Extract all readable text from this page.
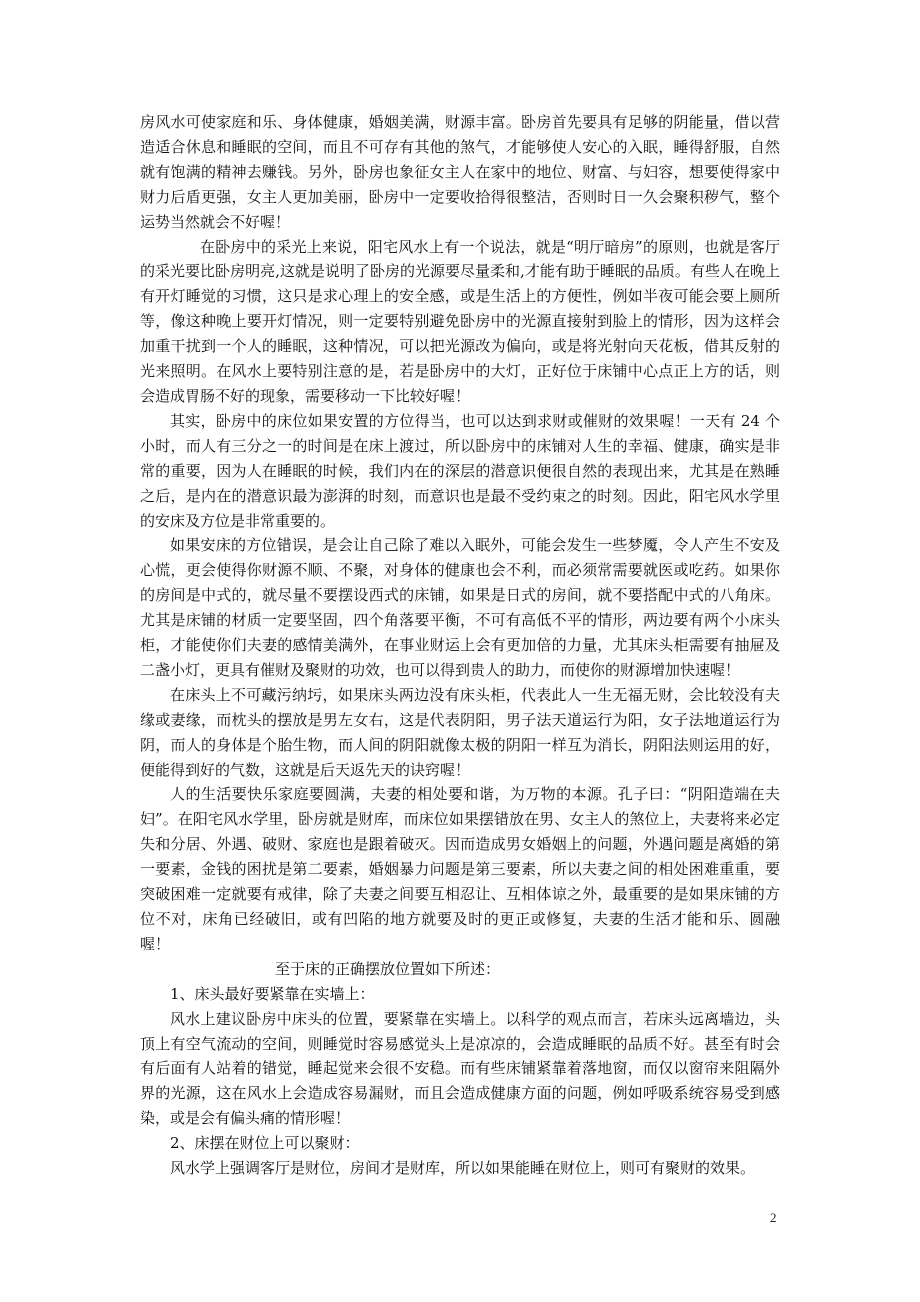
房风水可使家庭和乐、身体健康，婚姻美满，财源丰富。卧房首先要具有足够的阴能量，借以营造适合休息和睡眠的空间，而且不可存有其他的煞气，才能够使人安心的入眠，睡得舒服，自然就有饱满的精神去赚钱。另外，卧房也象征女主人在家中的地位、财富、与妇容，想要使得家中财力后盾更强，女主人更加美丽，卧房中一定要收拾得很整洁，否则时日一久会聚积秽气，整个运势当然就会不好喔！

在卧房中的采光上来说，阳宅风水上有一个说法，就是“明厅暗房”的原则，也就是客厅的采光要比卧房明亮,这就是说明了卧房的光源要尽量柔和,才能有助于睡眠的品质。有些人在晚上有开灯睡觉的习惯，这只是求心理上的安全感，或是生活上的方便性，例如半夜可能会要上厕所等，像这种晚上要开灯情况，则一定要特别避免卧房中的光源直接射到脸上的情形，因为这样会加重干扰到一个人的睡眠，这种情况，可以把光源改为偏向，或是将光射向天花板，借其反射的光来照明。在风水上要特别注意的是，若是卧房中的大灯，正好位于床铺中心点正上方的话，则会造成胃肠不好的现象，需要移动一下比较好喔！

其实，卧房中的床位如果安置的方位得当，也可以达到求财或催财的效果喔！一天有 24 个小时，而人有三分之一的时间是在床上渡过，所以卧房中的床铺对人生的幸福、健康，确实是非常的重要，因为人在睡眠的时候，我们内在的深层的潜意识便很自然的表现出来，尤其是在熟睡之后，是内在的潜意识最为澎湃的时刻，而意识也是最不受约束之的时刻。因此，阳宅风水学里的安床及方位是非常重要的。

如果安床的方位错误，是会让自己除了难以入眠外，可能会发生一些梦魇，令人产生不安及心慌，更会使得你财源不顺、不聚，对身体的健康也会不利，而必须常需要就医或吃药。如果你的房间是中式的，就尽量不要摆设西式的床铺，如果是日式的房间，就不要搭配中式的八角床。尤其是床铺的材质一定要坚固，四个角落要平衡，不可有高低不平的情形，两边要有两个小床头柜，才能使你们夫妻的感情美满外，在事业财运上会有更加倍的力量，尤其床头柜需要有抽屉及二盏小灯，更具有催财及聚财的功效，也可以得到贵人的助力，而使你的财源增加快速喔！

在床头上不可藏污纳圬，如果床头两边没有床头柜，代表此人一生无福无财，会比较没有夫缘或妻缘，而枕头的摆放是男左女右，这是代表阴阳，男子法天道运行为阳，女子法地道运行为阴，而人的身体是个胎生物，而人间的阴阳就像太极的阴阳一样互为消长，阴阳法则运用的好，便能得到好的气数，这就是后天返先天的诀窍喔！

人的生活要快乐家庭要圆满，夫妻的相处要和谐，为万物的本源。孔子曰：“阴阳造端在夫妇”。在阳宅风水学里，卧房就是财库，而床位如果摆错放在男、女主人的煞位上，夫妻将来必定失和分居、外遇、破财、家庭也是跟着破灭。因而造成男女婚姻上的问题，外遇问题是离婚的第一要素，金钱的困扰是第二要素，婚姻暴力问题是第三要素，所以夫妻之间的相处困难重重，要突破困难一定就要有戒律，除了夫妻之间要互相忍让、互相体谅之外，最重要的是如果床铺的方位不对，床角已经破旧，或有凹陷的地方就要及时的更正或修复，夫妻的生活才能和乐、圆融喔！

至于床的正确摆放位置如下所述：

1、床头最好要紧靠在实墙上：

风水上建议卧房中床头的位置，要紧靠在实墙上。以科学的观点而言，若床头远离墙边，头顶上有空气流动的空间，则睡觉时容易感觉头上是凉凉的，会造成睡眠的品质不好。甚至有时会有后面有人站着的错觉，睡起觉来会很不安稳。而有些床铺紧靠着落地窗，而仅以窗帘来阻隔外界的光源，这在风水上会造成容易漏财，而且会造成健康方面的问题，例如呼吸系统容易受到感染，或是会有偏头痛的情形喔！

2、床摆在财位上可以聚财：

风水学上强调客厅是财位，房间才是财库，所以如果能睡在财位上，则可有聚财的效果。

2
